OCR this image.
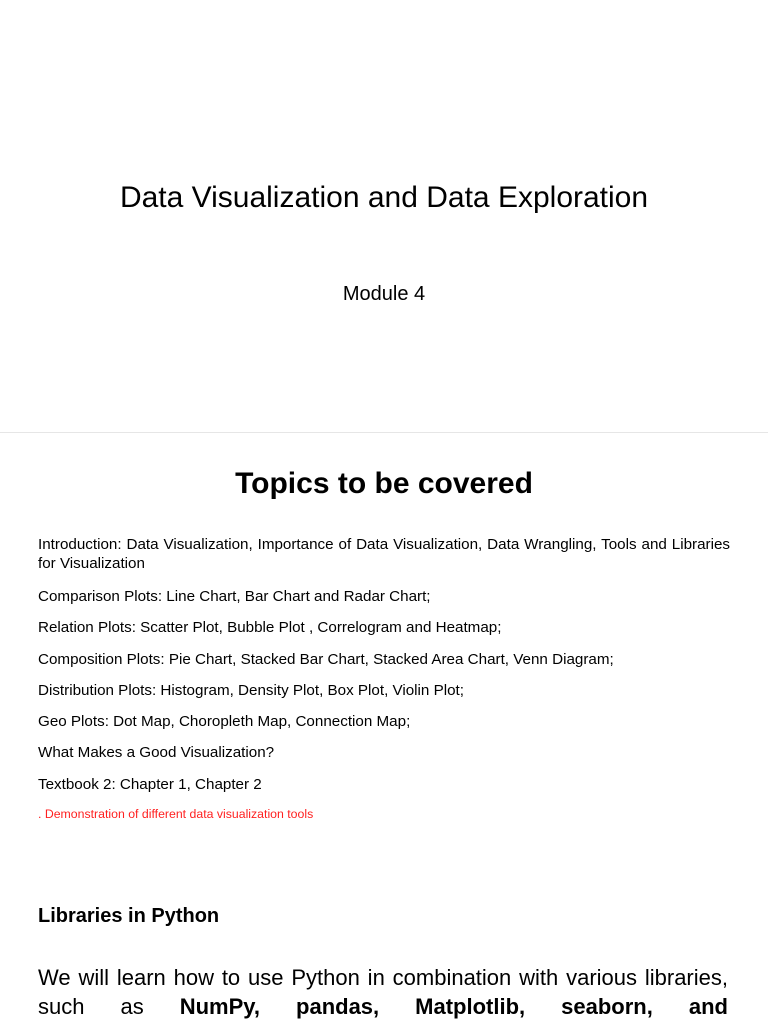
Data Visualization and Data Exploration
Module 4
Topics to be covered

Introduction: Data Visualization, Importance of Data Visualization, Data Wrangling, Tools and Libraries for Visualization

Comparison Plots: Line Chart, Bar Chart and Radar Chart;

Relation Plots: Scatter Plot, Bubble Plot , Correlogram and Heatmap;

Composition Plots: Pie Chart, Stacked Bar Chart, Stacked Area Chart, Venn Diagram;

Distribution Plots: Histogram, Density Plot, Box Plot, Violin Plot;

Geo Plots: Dot Map, Choropleth Map, Connection Map;

What Makes a Good Visualization?

Textbook 2: Chapter 1, Chapter 2

. Demonstration of different data visualization tools

Libraries in Python

We will learn how to use Python in combination with various libraries, such as NumPy, pandas, Matplotlib, seaborn, and
